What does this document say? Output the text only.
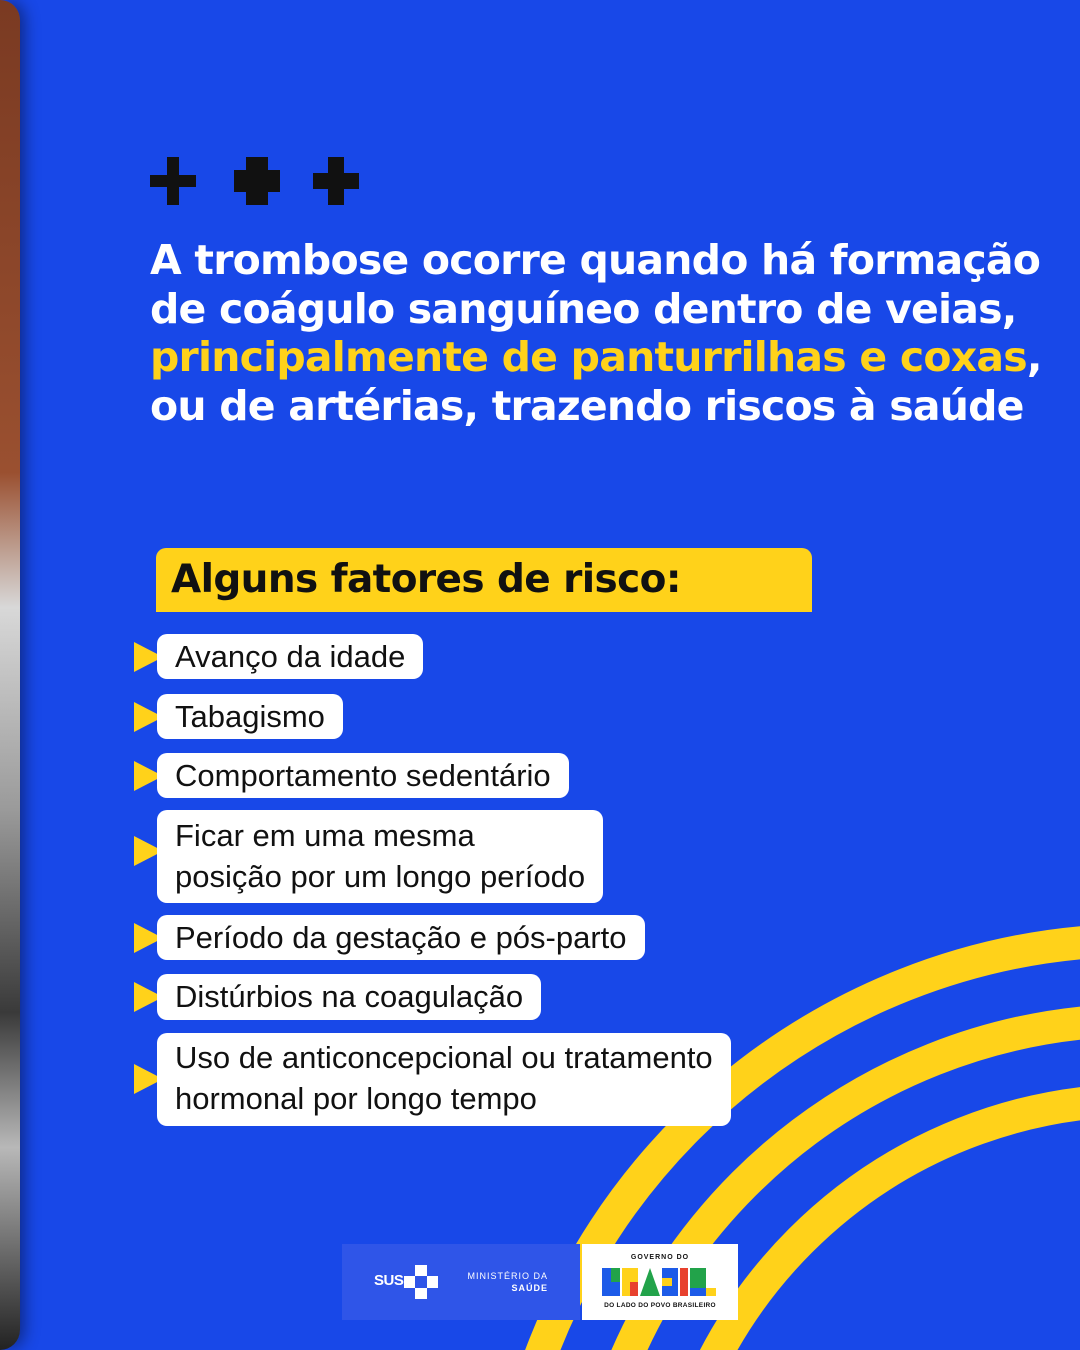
A trombose ocorre quando há formação de coágulo sanguíneo dentro de veias, principalmente de panturrilhas e coxas, ou de artérias, trazendo riscos à saúde

Alguns fatores de risco:
Avanço da idade
Tabagismo
Comportamento sedentário
Ficar em uma mesma
posição por um longo período
Período da gestação e pós-parto
Distúrbios na coagulação
Uso de anticoncepcional ou tratamento
hormonal por longo tempo
SUS	MINISTÉRIO DA
SAÚDE
GOVERNO DO
DO LADO DO POVO BRASILEIRO
